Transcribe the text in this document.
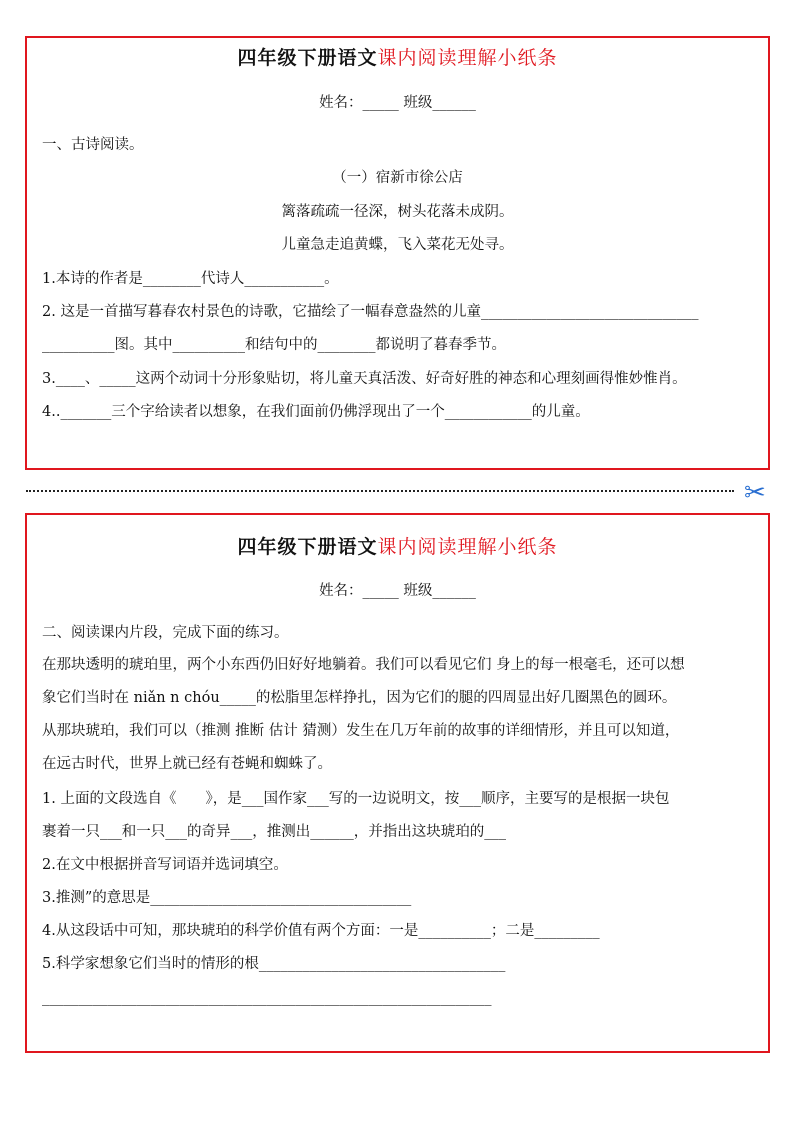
四年级下册语文课内阅读理解小纸条
姓名：_____ 班级______
一、古诗阅读。
（一）宿新市徐公店
篱落疏疏一径深，树头花落未成阴。
儿童急走追黄蝶，飞入菜花无处寻。
1.本诗的作者是________代诗人___________。
2. 这是一首描写暮春农村景色的诗歌，它描绘了一幅春意盎然的儿童______________________________
__________图。其中__________和结句中的________都说明了暮春季节。
3.____、_____这两个动词十分形象贴切，将儿童天真活泼、好奇好胜的神态和心理刻画得惟妙惟肖。
4.._______三个字给读者以想象，在我们面前仍佛浮现出了一个____________的儿童。
✂
四年级下册语文课内阅读理解小纸条
姓名：_____ 班级______
二、阅读课内片段，完成下面的练习。
在那块透明的琥珀里，两个小东西仍旧好好地躺着。我们可以看见它们 身上的每一根毫毛，还可以想
象它们当时在 niǎn n chóu_____的松脂里怎样挣扎，因为它们的腿的四周显出好几圈黑色的圆环。
从那块琥珀，我们可以（推测 推断 估计 猜测）发生在几万年前的故事的详细情形，并且可以知道，
在远古时代，世界上就已经有苍蝇和蜘蛛了。
1. 上面的文段选自《　　》，是___国作家___写的一边说明文，按___顺序，主要写的是根据一块包
裹着一只___和一只___的奇异___，推测出______，并指出这块琥珀的___
2.在文中根据拼音写词语并选词填空。
3.推测”的意思是____________________________________
4.从这段话中可知，那块琥珀的科学价值有两个方面：一是__________；二是_________
5.科学家想象它们当时的情形的根__________________________________
______________________________________________________________
